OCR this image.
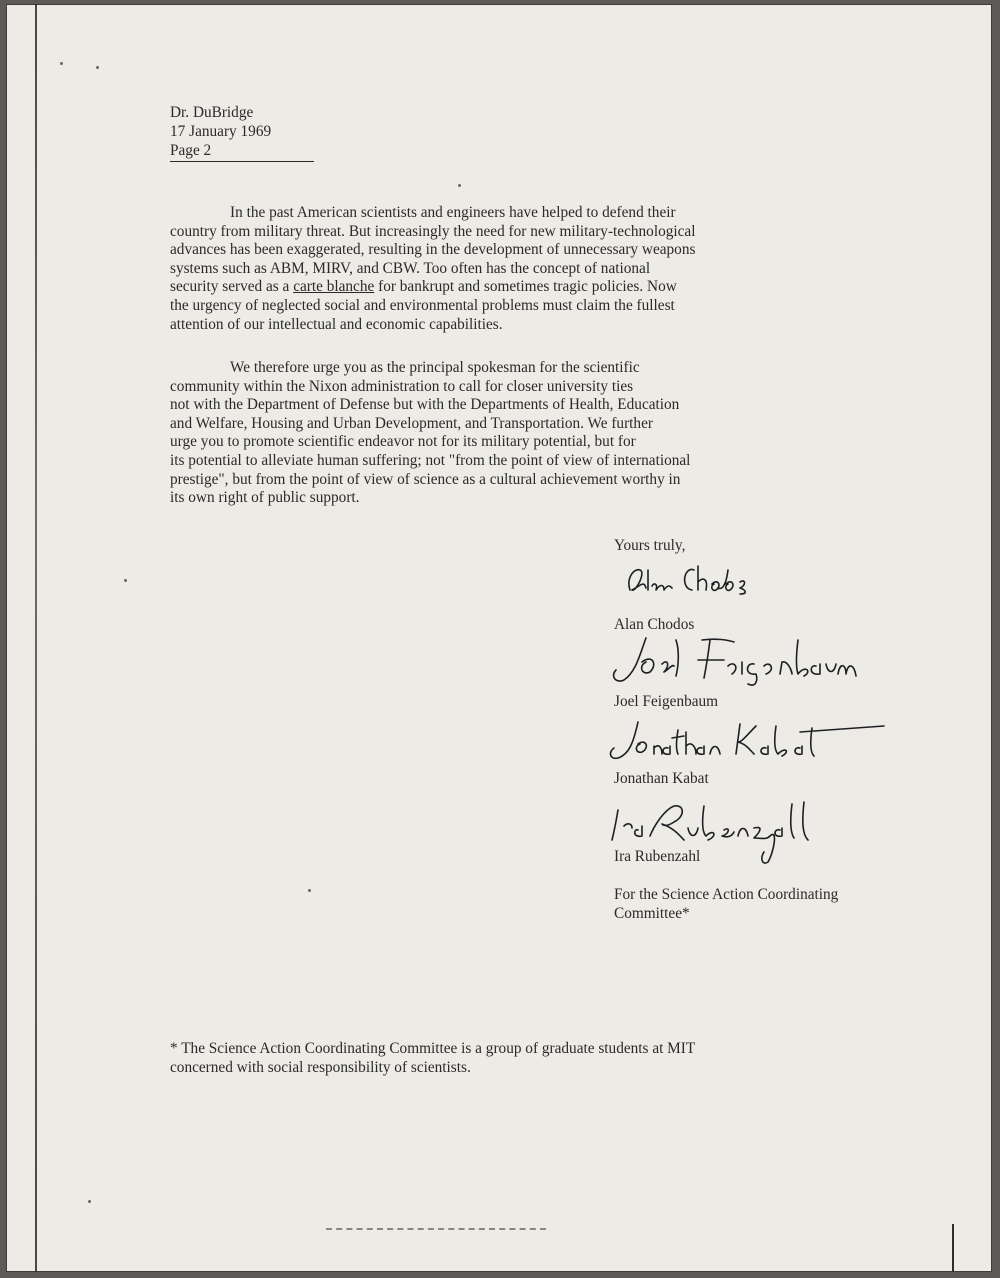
Dr. DuBridge
17 January 1969
Page 2

In the past American scientists and engineers have helped to defend their

country from military threat. But increasingly the need for new military-technological

advances has been exaggerated, resulting in the development of unnecessary weapons

systems such as ABM, MIRV, and CBW. Too often has the concept of national

security served as a carte blanche for bankrupt and sometimes tragic policies. Now

the urgency of neglected social and environmental problems must claim the fullest

attention of our intellectual and economic capabilities.

We therefore urge you as the principal spokesman for the scientific

community within the Nixon administration to call for closer university ties

not with the Department of Defense but with the Departments of Health, Education

and Welfare, Housing and Urban Development, and Transportation. We further

urge you to promote scientific endeavor not for its military potential, but for

its potential to alleviate human suffering; not "from the point of view of international

prestige", but from the point of view of science as a cultural achievement worthy in

its own right of public support.

Yours truly,
Alan Chodos
Joel Feigenbaum
Jonathan Kabat
Ira Rubenzahl

For the Science Action Coordinating

Committee*

* The Science Action Coordinating Committee is a group of graduate students at MIT

concerned with social responsibility of scientists.
